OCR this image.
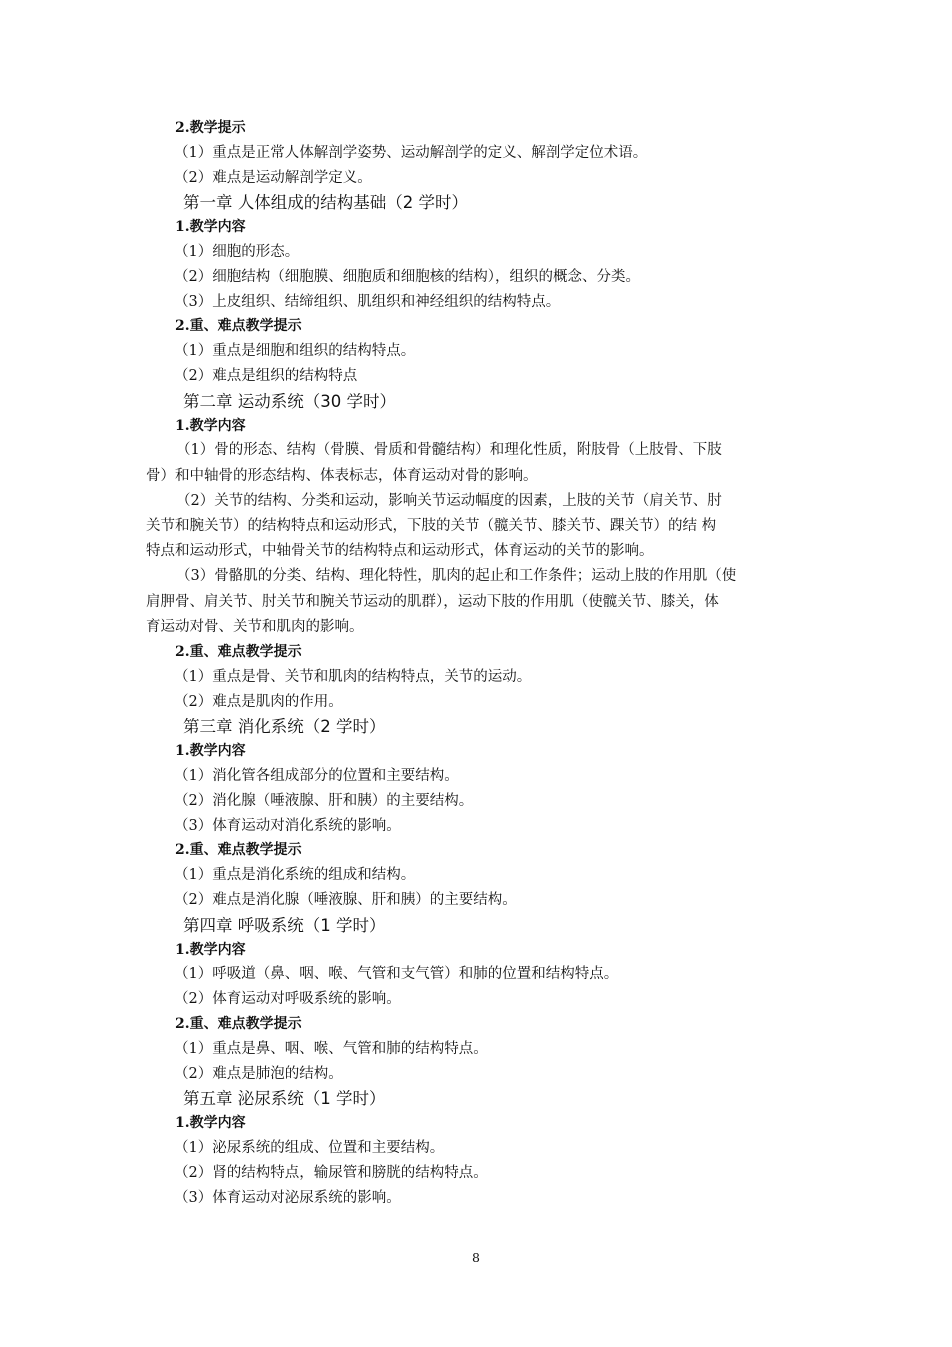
2.教学提示
（1）重点是正常人体解剖学姿势、运动解剖学的定义、解剖学定位术语。
（2）难点是运动解剖学定义。
第一章 人体组成的结构基础（2 学时）
1.教学内容
（1）细胞的形态。
（2）细胞结构（细胞膜、细胞质和细胞核的结构），组织的概念、分类。
（3）上皮组织、结缔组织、肌组织和神经组织的结构特点。
2.重、难点教学提示
（1）重点是细胞和组织的结构特点。
（2）难点是组织的结构特点
第二章 运动系统（30 学时）
1.教学内容
（1）骨的形态、结构（骨膜、骨质和骨髓结构）和理化性质，附肢骨（上肢骨、下肢
骨）和中轴骨的形态结构、体表标志，体育运动对骨的影响。
（2）关节的结构、分类和运动，影响关节运动幅度的因素，上肢的关节（肩关节、肘
关节和腕关节）的结构特点和运动形式，下肢的关节（髋关节、膝关节、踝关节）的结 构
特点和运动形式，中轴骨关节的结构特点和运动形式，体育运动的关节的影响。
（3）骨骼肌的分类、结构、理化特性，肌肉的起止和工作条件；运动上肢的作用肌（使
肩胛骨、肩关节、肘关节和腕关节运动的肌群），运动下肢的作用肌（使髋关节、膝关，体
育运动对骨、关节和肌肉的影响。
2.重、难点教学提示
（1）重点是骨、关节和肌肉的结构特点，关节的运动。
（2）难点是肌肉的作用。
第三章 消化系统（2 学时）
1.教学内容
（1）消化管各组成部分的位置和主要结构。
（2）消化腺（唾液腺、肝和胰）的主要结构。
（3）体育运动对消化系统的影响。
2.重、难点教学提示
（1）重点是消化系统的组成和结构。
（2）难点是消化腺（唾液腺、肝和胰）的主要结构。
第四章 呼吸系统（1 学时）
1.教学内容
（1）呼吸道（鼻、咽、喉、气管和支气管）和肺的位置和结构特点。
（2）体育运动对呼吸系统的影响。
2.重、难点教学提示
（1）重点是鼻、咽、喉、气管和肺的结构特点。
（2）难点是肺泡的结构。
第五章 泌尿系统（1 学时）
1.教学内容
（1）泌尿系统的组成、位置和主要结构。
（2）肾的结构特点，输尿管和膀胱的结构特点。
（3）体育运动对泌尿系统的影响。
8
